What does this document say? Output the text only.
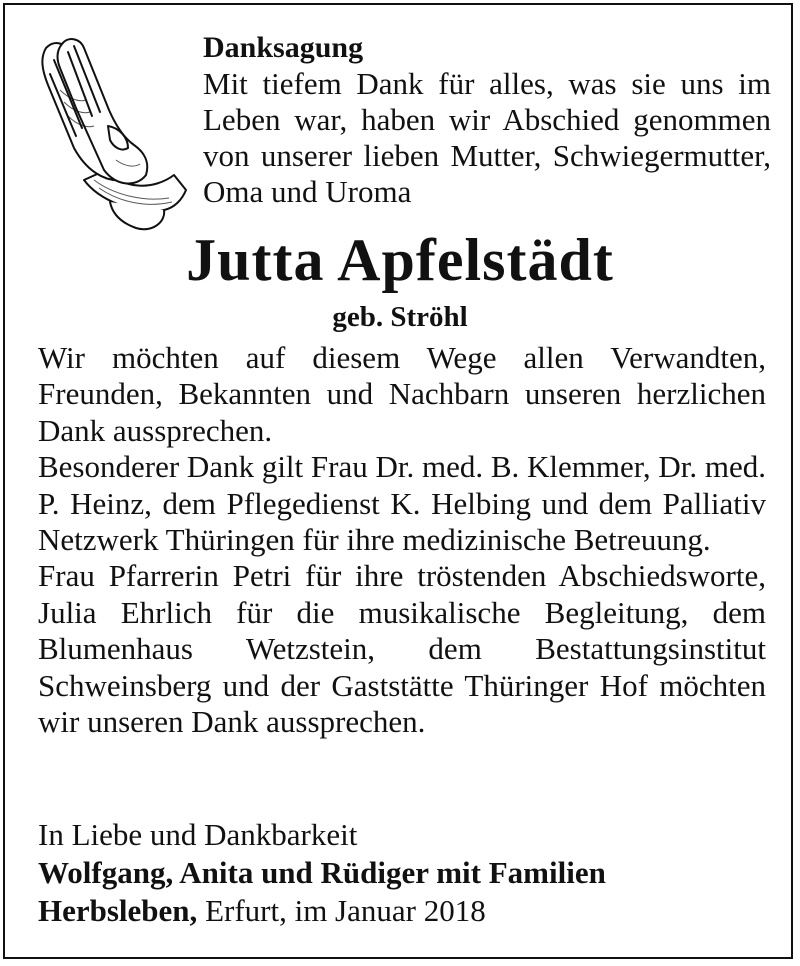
Danksagung
Mit tiefem Dank für alles, was sie uns im Leben war, haben wir Abschied genommen von unserer lieben Mutter, Schwiegermutter, Oma und Uroma
Jutta Apfelstädt
geb. Ströhl

Wir möchten auf diesem Wege allen Verwandten, Freunden, Bekannten und Nachbarn unseren herzlichen Dank aussprechen.

Besonderer Dank gilt Frau Dr. med. B. Klemmer, Dr. med. P. Heinz, dem Pflegedienst K. Helbing und dem Palliativ Netzwerk Thüringen für ihre medizinische Betreuung.

Frau Pfarrerin Petri für ihre tröstenden Abschiedsworte, Julia Ehrlich für die musikalische Begleitung, dem Blumenhaus Wetzstein, dem Bestattungsinstitut Schweinsberg und der Gaststätte Thüringer Hof möchten wir unseren Dank aussprechen.

In Liebe und Dankbarkeit
Wolfgang, Anita und Rüdiger mit Familien
Herbsleben, Erfurt, im Januar 2018
